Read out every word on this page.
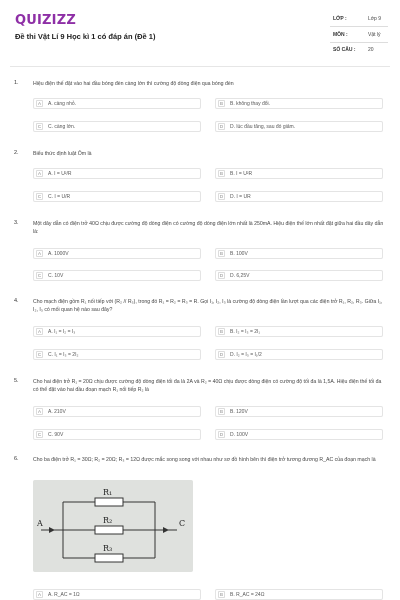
QUIZIZZ
Đề thi Vật Lí 9 Học kì 1 có đáp án (Đề 1)
LỚP :	Lớp 9
MÔN :	Vật lý
SỐ CÂU :	20
1.	Hiệu điện thế đặt vào hai đầu bóng đèn càng lớn thì cường độ dòng điện qua bóng đèn
A	A. càng nhỏ.	B	B. không thay đổi.
C	C. càng lớn.	D	D. lúc đầu tăng, sau đó giảm.
2.	Biểu thức định luật Ôm là
A	A. I = U²/R	B	B. I = U²R
C	C. I = U/R	D	D. I = UR
3.	Một dây dẫn có điện trở 40Ω chịu được cường độ dòng điện có cường độ dòng điện lớn nhất là 250mA. Hiệu điện thế lớn nhất đặt giữa hai đầu dây dẫn là:
A	A. 1000V	B	B. 100V
C	C. 10V	D	D. 6,25V
4.	Cho mạch điện gồm R₁ nối tiếp với (R₂ // R₃), trong đó R₁ = R₂ = R₃ = R. Gọi I₁, I₂, I₃ là cường độ dòng điện lần lượt qua các điện trở R₁, R₂, R₃. Giữa I₁, I₂, I₃ có mối quan hệ nào sau đây?
A	A. I₁ = I₂ = I₃	B	B. I₂ = I₃ = 2I₁
C	C. I₁ = I₃ = 2I₂	D	D. I₂ = I₃ = I₁/2
5.	Cho hai điện trở R₁ = 20Ω chịu được cường độ dòng điện tối đa là 2A và R₂ = 40Ω chịu được dòng điện có cường độ tối đa là 1,5A. Hiệu điện thế tối đa có thể đặt vào hai đầu đoạn mạch R₁ nối tiếp R₂ là
A	A. 210V	B	B. 120V
C	C. 90V	D	D. 100V
6.	Cho ba điện trở R₁ = 30Ω; R₂ = 20Ω; R₃ = 12Ω được mắc song song với nhau như sơ đồ hình bên thì điện trở tương đương R_AC của đoạn mạch là
R₁
R₂
R₃
A	C
A	A. R_AC = 1Ω	B	B. R_AC = 24Ω
